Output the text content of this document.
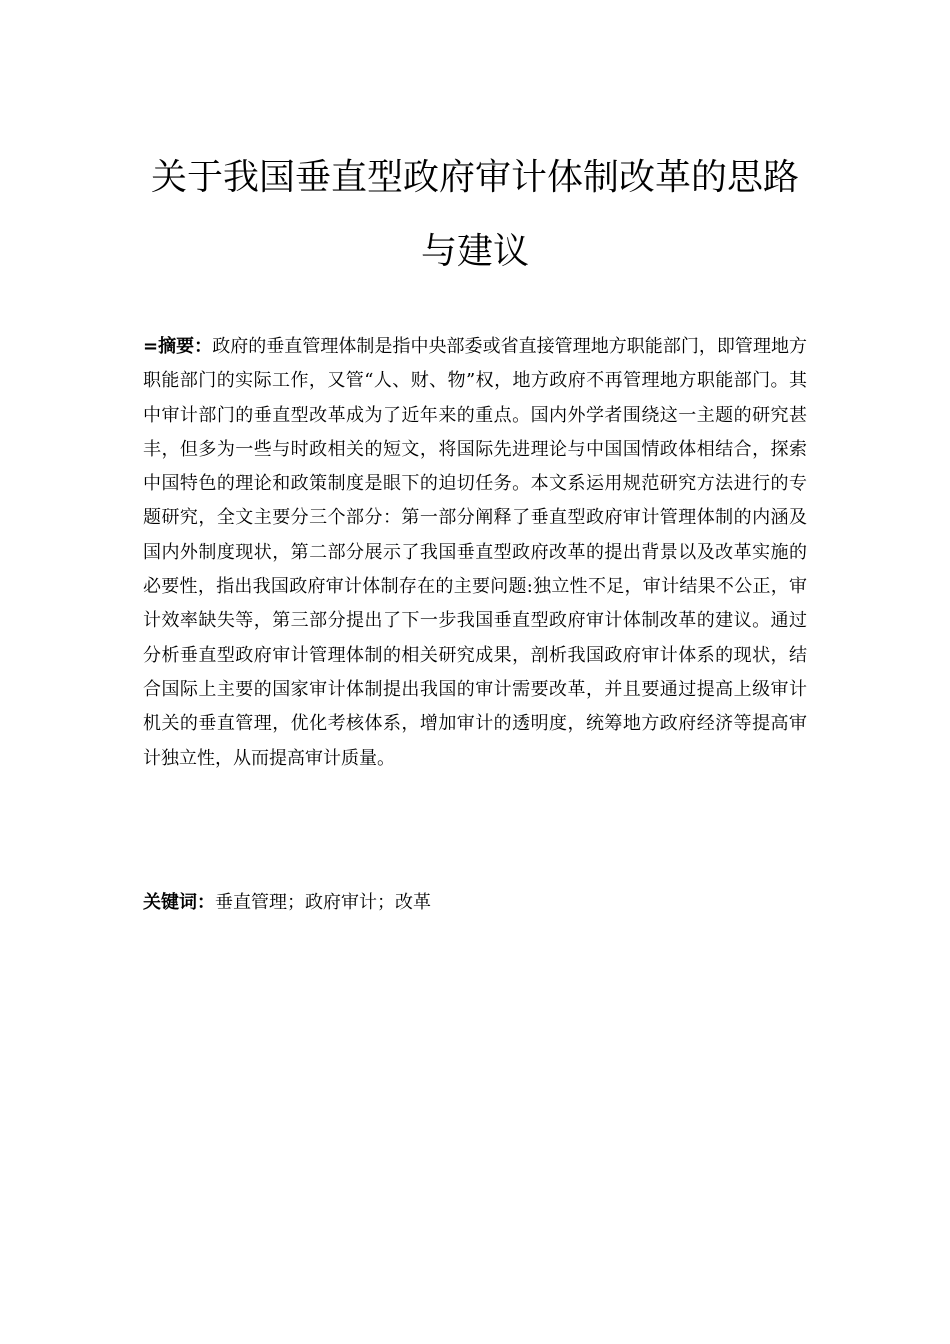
关于我国垂直型政府审计体制改革的思路
与建议

=摘要：政府的垂直管理体制是指中央部委或省直接管理地方职能部门，即管理地方职能部门的实际工作，又管“人、财、物”权，地方政府不再管理地方职能部门。其中审计部门的垂直型改革成为了近年来的重点。国内外学者围绕这一主题的研究甚丰，但多为一些与时政相关的短文，将国际先进理论与中国国情政体相结合，探索中国特色的理论和政策制度是眼下的迫切任务。本文系运用规范研究方法进行的专题研究，全文主要分三个部分：第一部分阐释了垂直型政府审计管理体制的内涵及国内外制度现状，第二部分展示了我国垂直型政府改革的提出背景以及改革实施的必要性，指出我国政府审计体制存在的主要问题:独立性不足，审计结果不公正，审计效率缺失等，第三部分提出了下一步我国垂直型政府审计体制改革的建议。通过分析垂直型政府审计管理体制的相关研究成果，剖析我国政府审计体系的现状，结合国际上主要的国家审计体制提出我国的审计需要改革，并且要通过提高上级审计机关的垂直管理，优化考核体系，增加审计的透明度，统筹地方政府经济等提高审计独立性，从而提高审计质量。

关键词：垂直管理；政府审计；改革
